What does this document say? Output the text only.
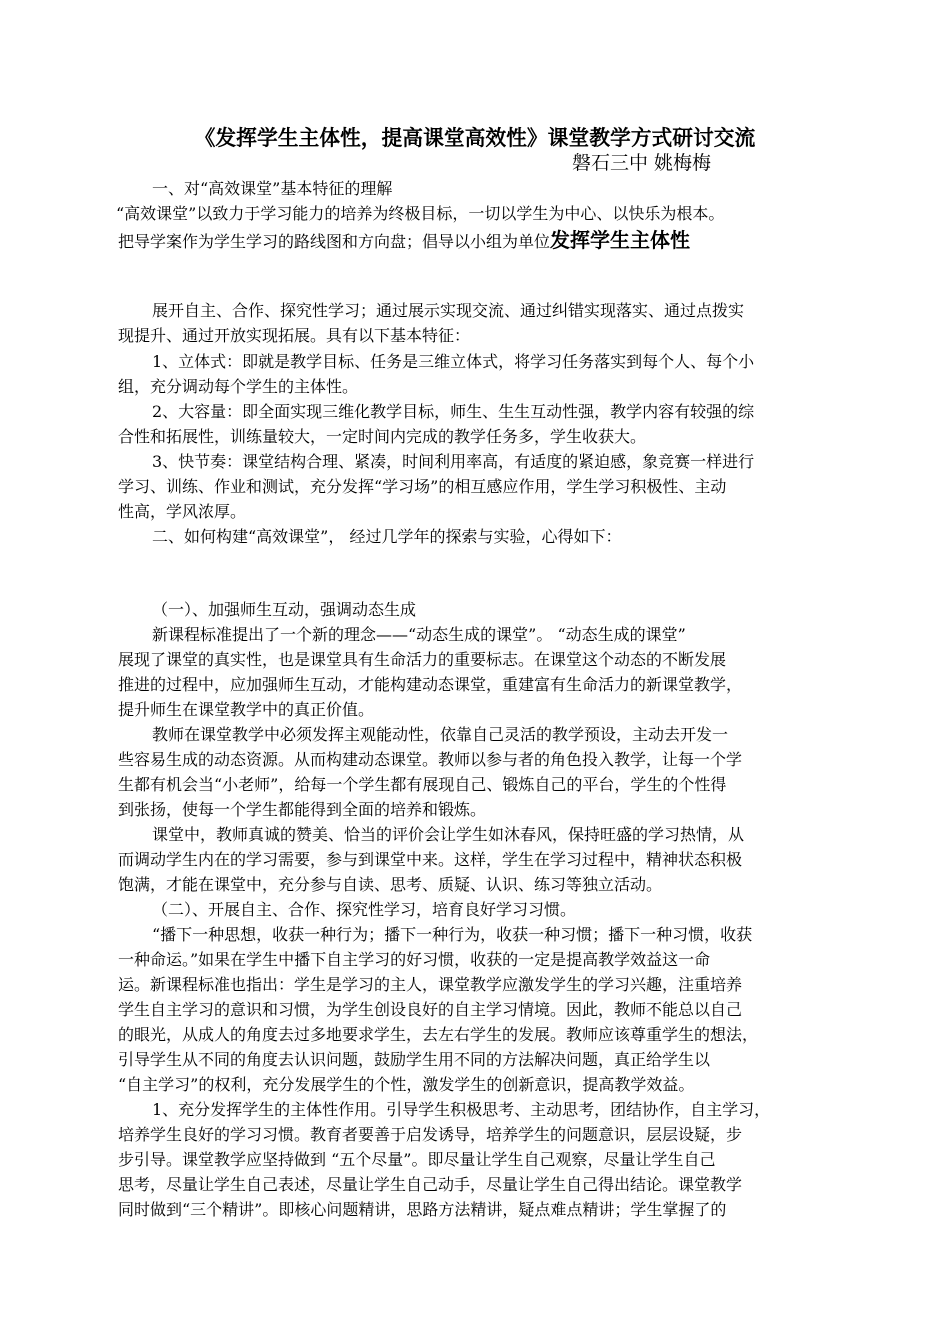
《发挥学生主体性，提高课堂高效性》课堂教学方式研讨交流
磐石三中 姚梅梅
一、对“高效课堂”基本特征的理解
“高效课堂”以致力于学习能力的培养为终极目标，一切以学生为中心、以快乐为根本。
把导学案作为学生学习的路线图和方向盘；倡导以小组为单位发挥学生主体性
展开自主、合作、探究性学习；通过展示实现交流、通过纠错实现落实、通过点拨实
现提升、通过开放实现拓展。具有以下基本特征：
1、立体式：即就是教学目标、任务是三维立体式，将学习任务落实到每个人、每个小
组，充分调动每个学生的主体性。
2、大容量：即全面实现三维化教学目标，师生、生生互动性强，教学内容有较强的综
合性和拓展性，训练量较大，一定时间内完成的教学任务多，学生收获大。
3、快节奏：课堂结构合理、紧凑，时间利用率高，有适度的紧迫感，象竞赛一样进行
学习、训练、作业和测试，充分发挥“学习场”的相互感应作用，学生学习积极性、主动
性高，学风浓厚。
二、如何构建“高效课堂”， 经过几学年的探索与实验，心得如下：
（一）、加强师生互动，强调动态生成
新课程标准提出了一个新的理念——“动态生成的课堂”。 “动态生成的课堂”
展现了课堂的真实性，也是课堂具有生命活力的重要标志。在课堂这个动态的不断发展
推进的过程中，应加强师生互动，才能构建动态课堂，重建富有生命活力的新课堂教学，
提升师生在课堂教学中的真正价值。
教师在课堂教学中必须发挥主观能动性，依靠自己灵活的教学预设，主动去开发一
些容易生成的动态资源。从而构建动态课堂。教师以参与者的角色投入教学，让每一个学
生都有机会当“小老师”，给每一个学生都有展现自己、锻炼自己的平台，学生的个性得
到张扬，使每一个学生都能得到全面的培养和锻炼。
课堂中，教师真诚的赞美、恰当的评价会让学生如沐春风，保持旺盛的学习热情，从
而调动学生内在的学习需要，参与到课堂中来。这样，学生在学习过程中，精神状态积极
饱满，才能在课堂中，充分参与自读、思考、质疑、认识、练习等独立活动。
（二）、开展自主、合作、探究性学习，培育良好学习习惯。
“播下一种思想，收获一种行为；播下一种行为，收获一种习惯；播下一种习惯，收获
一种命运。”如果在学生中播下自主学习的好习惯，收获的一定是提高教学效益这一命
运。新课程标准也指出：学生是学习的主人，课堂教学应激发学生的学习兴趣，注重培养
学生自主学习的意识和习惯，为学生创设良好的自主学习情境。因此，教师不能总以自己
的眼光，从成人的角度去过多地要求学生，去左右学生的发展。教师应该尊重学生的想法，
引导学生从不同的角度去认识问题，鼓励学生用不同的方法解决问题，真正给学生以
“自主学习”的权利，充分发展学生的个性，激发学生的创新意识，提高教学效益。
1、充分发挥学生的主体性作用。引导学生积极思考、主动思考，团结协作，自主学习，
培养学生良好的学习习惯。教育者要善于启发诱导，培养学生的问题意识，层层设疑，步
步引导。课堂教学应坚持做到 “五个尽量”。即尽量让学生自己观察，尽量让学生自己
思考，尽量让学生自己表述，尽量让学生自己动手，尽量让学生自己得出结论。课堂教学
同时做到“三个精讲”。即核心问题精讲，思路方法精讲，疑点难点精讲；学生掌握了的
